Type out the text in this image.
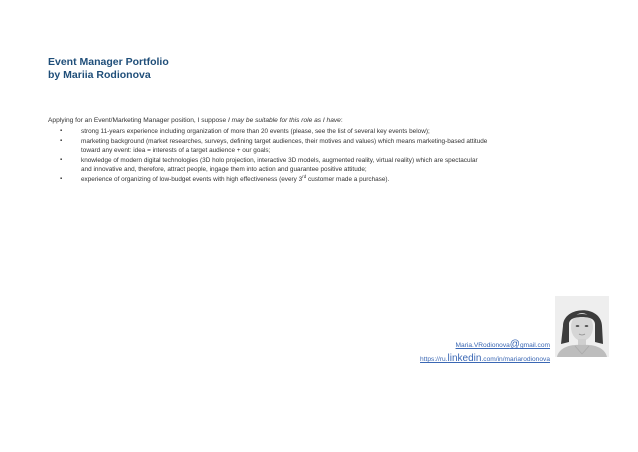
Event Manager Portfolio
by Mariia Rodionova
Applying for an Event/Marketing Manager position, I suppose I may be suitable for this role as I have:
▪	strong 11-years experience including organization of more than 20 events (please, see the list of several key events below);
▪	marketing background (market researches, surveys, defining target audiences, their motives and values) which means marketing-based attitude toward any event: idea = interests of a target audience + our goals;
▪	knowledge of modern digital technologies (3D holo projection, interactive 3D models, augmented reality, virtual reality) which are spectacular and innovative and, therefore, attract people, ingage them into action and guarantee positive attitude;
▪	experience of organizing of low-budget events with high effectiveness (every 3rd customer made a purchase).
Maria.VRodionova@gmail.com
https://ru.linkedin.com/in/mariarodionova
